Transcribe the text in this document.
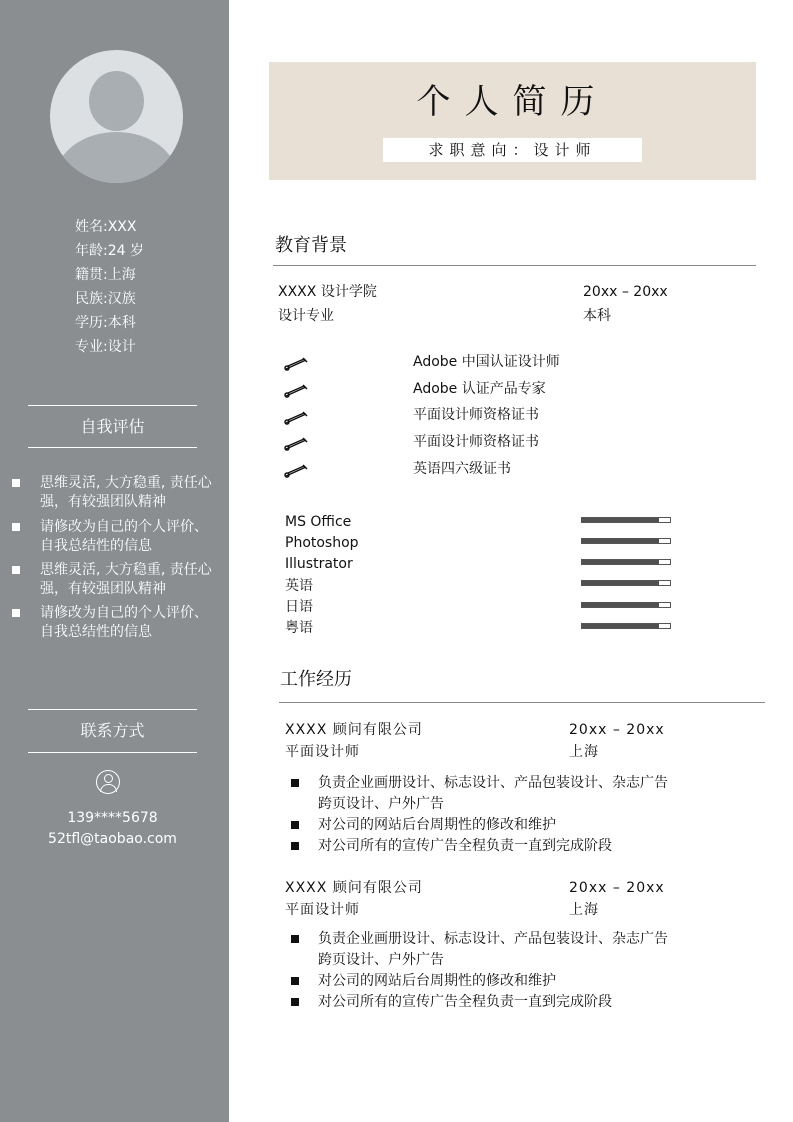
姓名:XXX
年龄:24 岁
籍贯:上海
民族:汉族
学历:本科
专业:设计
自我评估
思维灵活, 大方稳重, 责任心强，有较强团队精神
请修改为自己的个人评价、自我总结性的信息
思维灵活, 大方稳重, 责任心强，有较强团队精神
请修改为自己的个人评价、自我总结性的信息
联系方式
139****5678
52tfl@taobao.com
个人简历
求职意向：设计师
教育背景
XXXX 设计学院	20xx – 20xx
设计专业	本科
Adobe 中国认证设计师
Adobe 认证产品专家
平面设计师资格证书
平面设计师资格证书
英语四六级证书
MS Office
Photoshop
Illustrator
英语
日语
粤语
工作经历
XXXX 顾问有限公司	20xx – 20xx
平面设计师	上海
负责企业画册设计、标志设计、产品包装设计、杂志广告跨页设计、户外广告
对公司的网站后台周期性的修改和维护
对公司所有的宣传广告全程负责一直到完成阶段
XXXX 顾问有限公司	20xx – 20xx
平面设计师	上海
负责企业画册设计、标志设计、产品包装设计、杂志广告跨页设计、户外广告
对公司的网站后台周期性的修改和维护
对公司所有的宣传广告全程负责一直到完成阶段
